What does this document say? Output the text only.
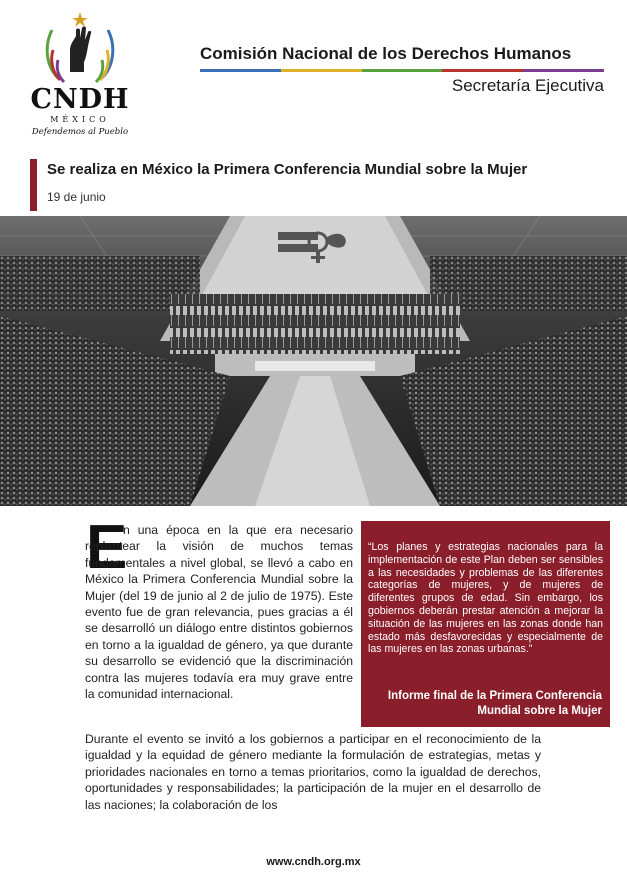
CNDH
MÉXICO
Defendemos al Pueblo
Comisión Nacional de los Derechos Humanos
Secretaría Ejecutiva
Se realiza en México la Primera Conferencia Mundial sobre la Mujer
19 de junio
E
n una época en la que era necesario replantear la visión de muchos temas fundamentales a nivel global, se llevó a cabo en México la Primera Conferencia Mundial sobre la Mujer (del 19 de junio al 2 de julio de 1975). Este evento fue de gran relevancia, pues gracias a él se desarrolló un diálogo entre distintos gobiernos en torno a la igualdad de género, ya que durante su desarrollo se evidenció que la discriminación contra las mujeres todavía era muy grave entre la comunidad internacional.
Durante el evento se invitó a los gobiernos a participar en el reconocimiento de la igualdad y la equidad de género mediante la formulación de estrategias, metas y prioridades nacionales en torno a temas prioritarios, como la igualdad de derechos, oportunidades y responsabilidades; la participación de la mujer en el desarrollo de las naciones; la colaboración de los
“Los planes y estrategias nacionales para la implementación de este Plan deben ser sensibles a las necesidades y problemas de las diferentes categorías de mujeres, y de mujeres de diferentes grupos de edad. Sin embargo, los gobiernos deberán prestar atención a mejorar la situación de las mujeres en las zonas donde han estado más desfavorecidas y especialmente de las mujeres en las zonas urbanas.”
Informe final de la Primera Conferencia Mundial sobre la Mujer
www.cndh.org.mx
